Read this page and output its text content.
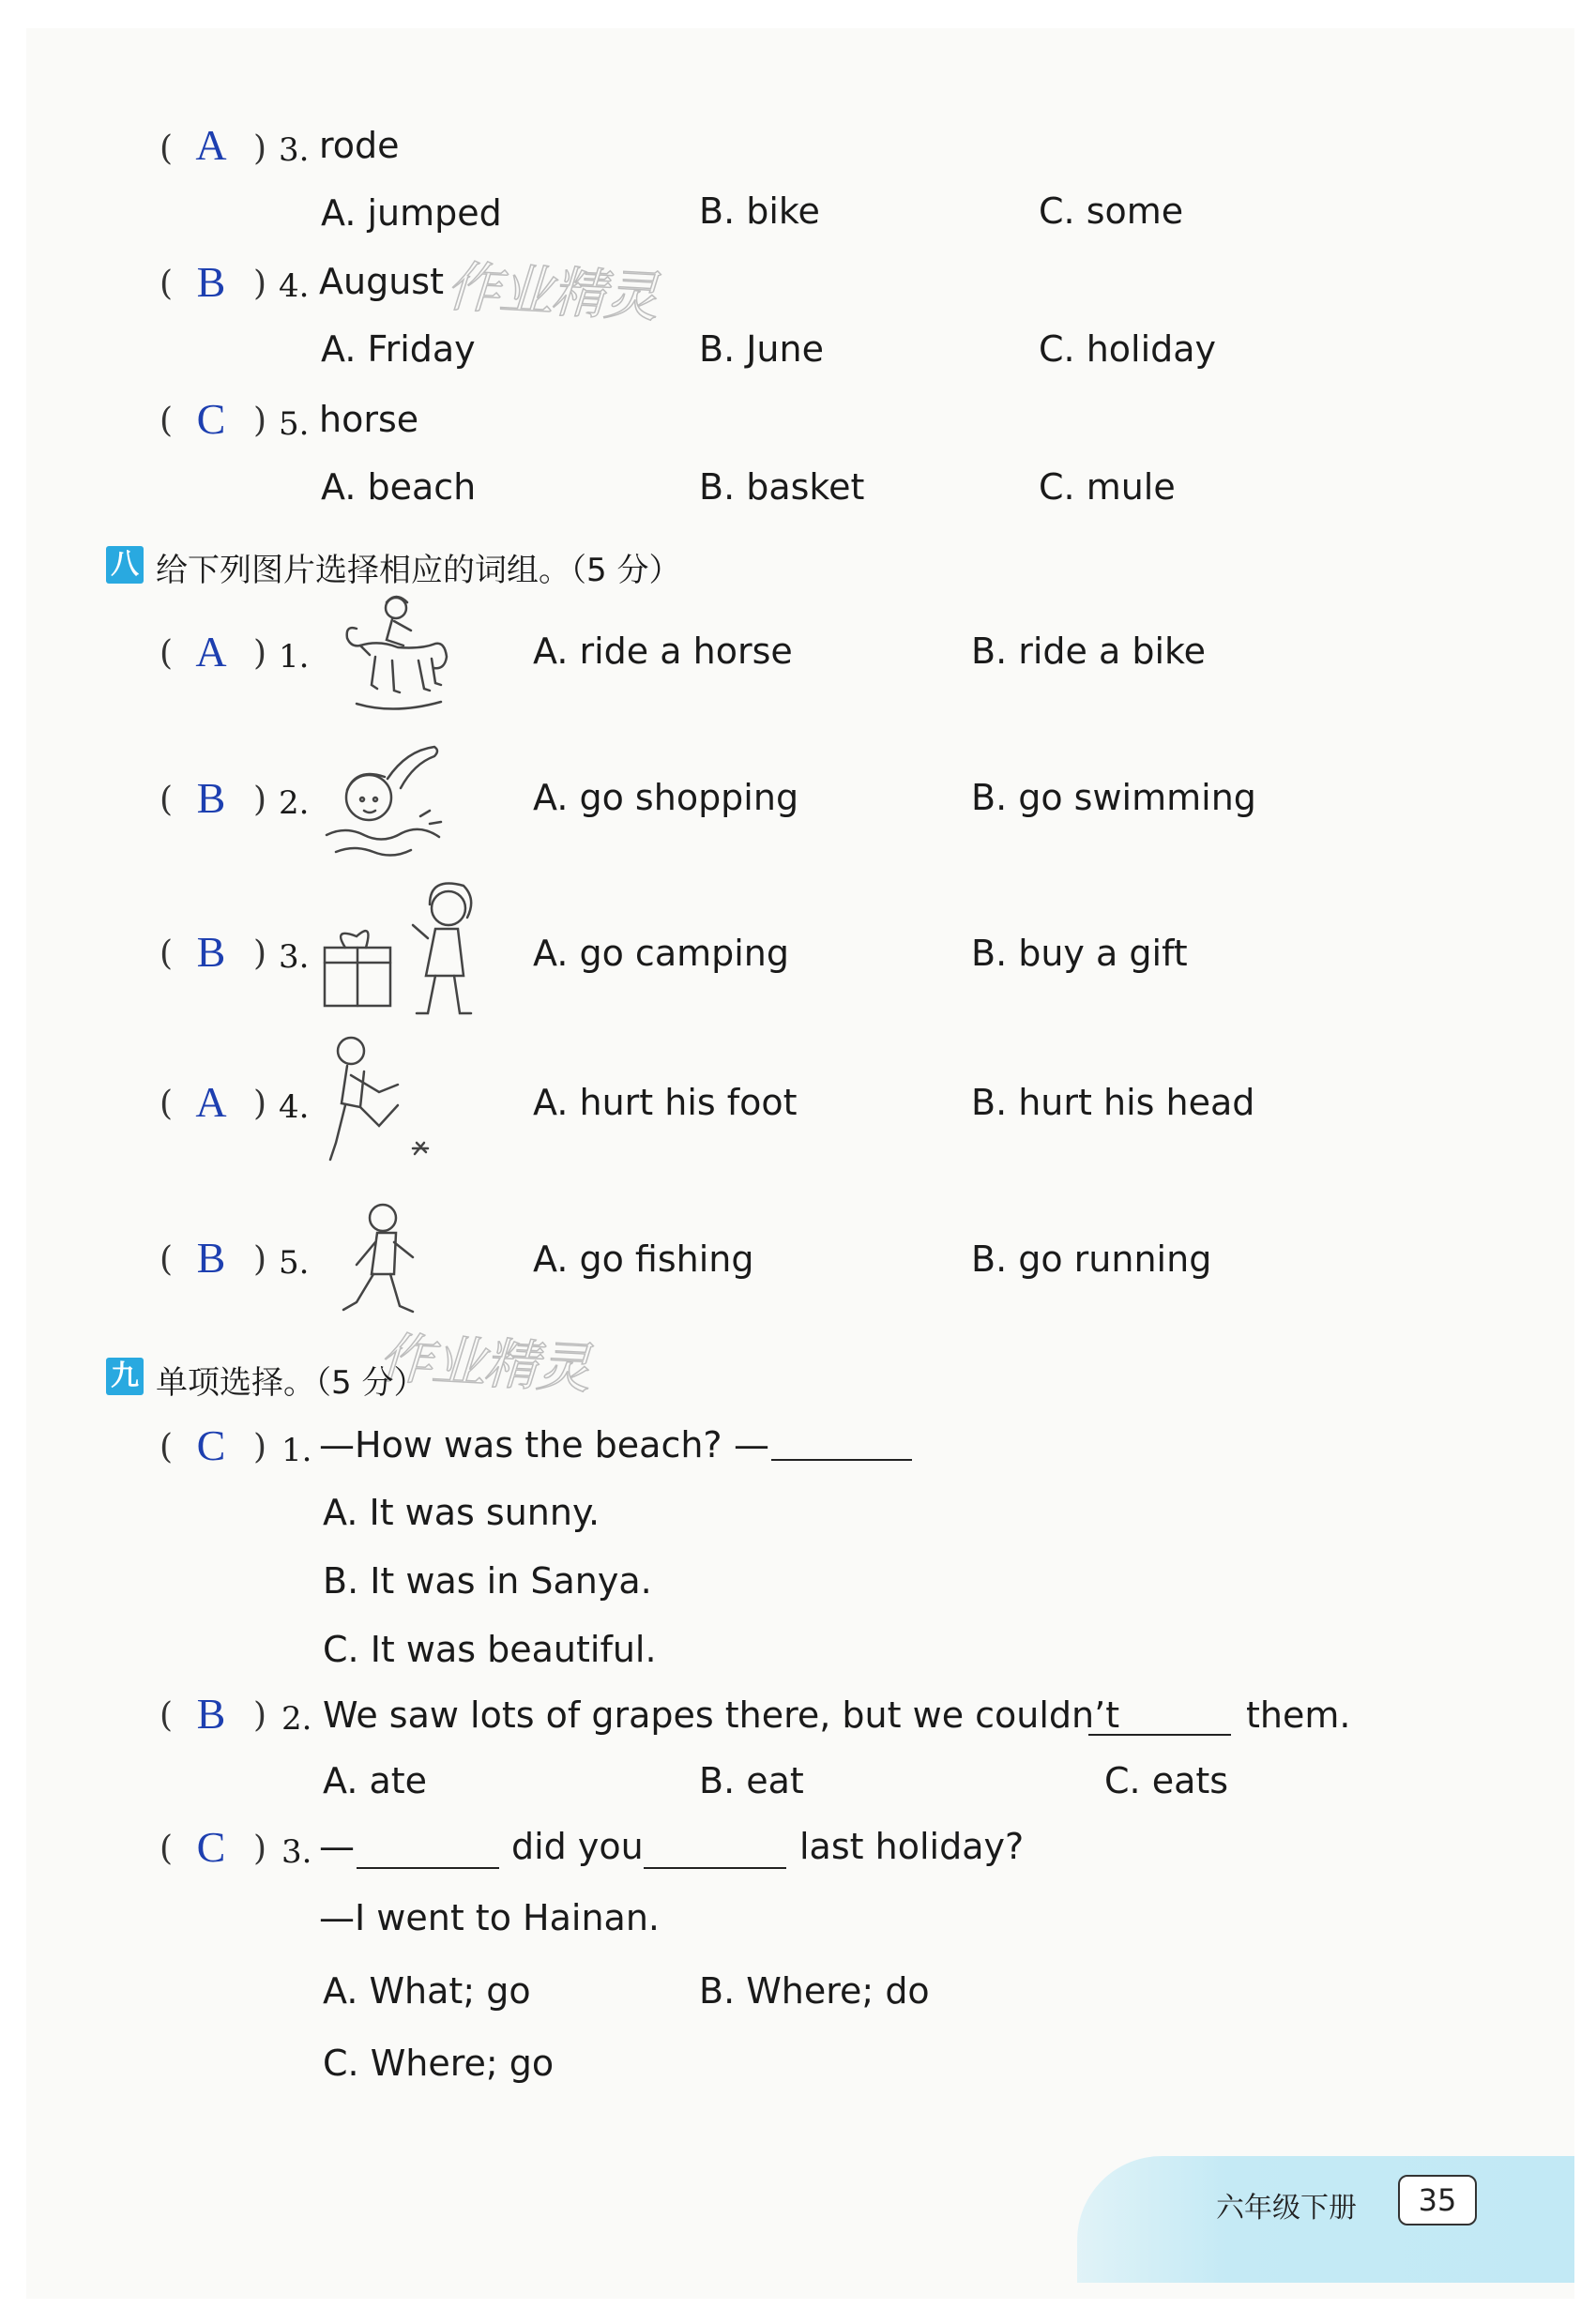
( A ) 3. rode
A. jumped	B. bike	C. some
( B ) 4. August
A. Friday	B. June	C. holiday
( C ) 5. horse
A. beach	B. basket	C. mule
作业精灵
八 给下列图片选择相应的词组。（5 分）
( A ) 1.	A. ride a horse	B. ride a bike
( B ) 2.	A. go shopping	B. go swimming
( B ) 3.	A. go camping	B. buy a gift
( A ) 4.	A. hurt his foot	B. hurt his head
( B ) 5.	A. go fishing	B. go running
作业精灵
九 单项选择。（5 分）
( C ) 1. —How was the beach? —
A. It was sunny.
B. It was in Sanya.
C. It was beautiful.
( B ) 2. We saw lots of grapes there, but we couldn’t	them.
A. ate	B. eat	C. eats
( C ) 3. —	did you	last holiday?
—I went to Hainan.
A. What; go	B. Where; do
C. Where; go
六年级下册	35
